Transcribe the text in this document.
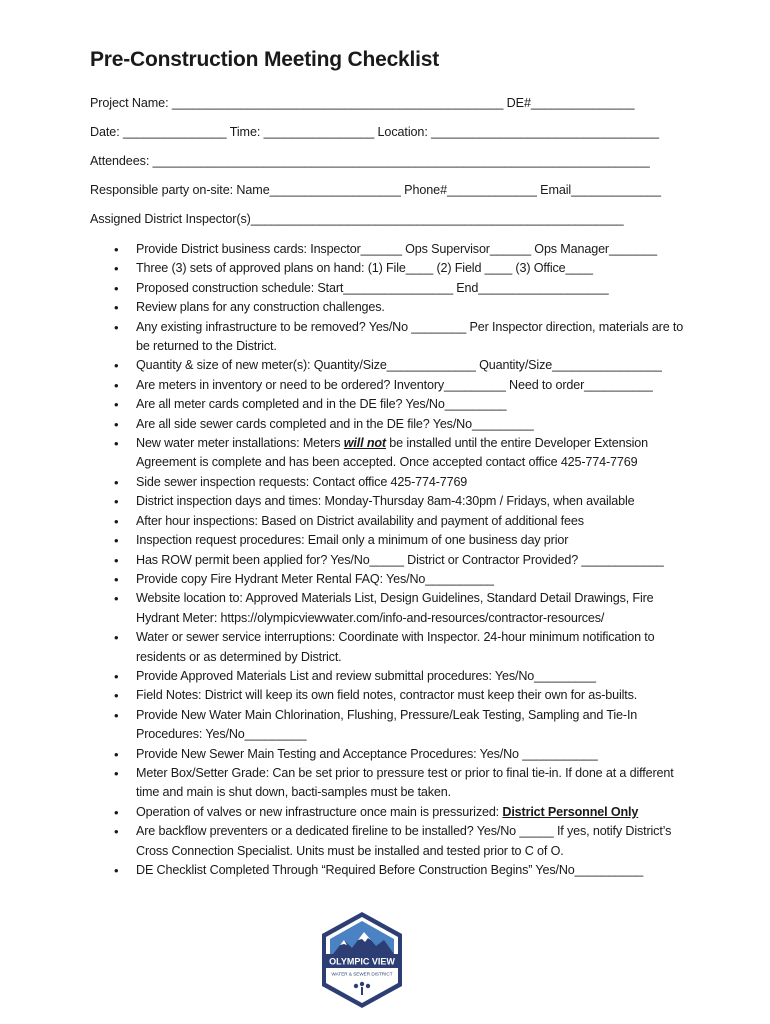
Pre-Construction Meeting Checklist
Project Name: ________________________________________________ DE#_______________
Date: _______________ Time: ________________ Location: _________________________________
Attendees: ________________________________________________________________________
Responsible party on-site: Name___________________ Phone#_____________ Email_____________
Assigned District Inspector(s)______________________________________________________
• Provide District business cards: Inspector______ Ops Supervisor______ Ops Manager_______
• Three (3) sets of approved plans on hand: (1) File____ (2) Field ____ (3) Office____
• Proposed construction schedule: Start________________ End___________________
• Review plans for any construction challenges.
• Any existing infrastructure to be removed? Yes/No ________ Per Inspector direction, materials are to be returned to the District.
• Quantity & size of new meter(s): Quantity/Size_____________ Quantity/Size________________
• Are meters in inventory or need to be ordered? Inventory_________ Need to order__________
• Are all meter cards completed and in the DE file? Yes/No_________
• Are all side sewer cards completed and in the DE file? Yes/No_________
• New water meter installations: Meters will not be installed until the entire Developer Extension Agreement is complete and has been accepted. Once accepted contact office 425-774-7769
• Side sewer inspection requests: Contact office 425-774-7769
• District inspection days and times: Monday-Thursday 8am-4:30pm / Fridays, when available
• After hour inspections: Based on District availability and payment of additional fees
• Inspection request procedures: Email only a minimum of one business day prior
• Has ROW permit been applied for? Yes/No_____ District or Contractor Provided? ____________
• Provide copy Fire Hydrant Meter Rental FAQ: Yes/No__________
• Website location to: Approved Materials List, Design Guidelines, Standard Detail Drawings, Fire Hydrant Meter: https://olympicviewwater.com/info-and-resources/contractor-resources/
• Water or sewer service interruptions: Coordinate with Inspector. 24-hour minimum notification to residents or as determined by District.
• Provide Approved Materials List and review submittal procedures: Yes/No_________
• Field Notes: District will keep its own field notes, contractor must keep their own for as-builts.
• Provide New Water Main Chlorination, Flushing, Pressure/Leak Testing, Sampling and Tie-In Procedures: Yes/No_________
• Provide New Sewer Main Testing and Acceptance Procedures: Yes/No ___________
• Meter Box/Setter Grade: Can be set prior to pressure test or prior to final tie-in. If done at a different time and main is shut down, bacti-samples must be taken.
• Operation of valves or new infrastructure once main is pressurized: District Personnel Only
• Are backflow preventers or a dedicated fireline to be installed? Yes/No _____ If yes, notify District’s Cross Connection Specialist. Units must be installed and tested prior to C of O.
• DE Checklist Completed Through “Required Before Construction Begins” Yes/No__________
OLYMPIC VIEW
WATER & SEWER DISTRICT
